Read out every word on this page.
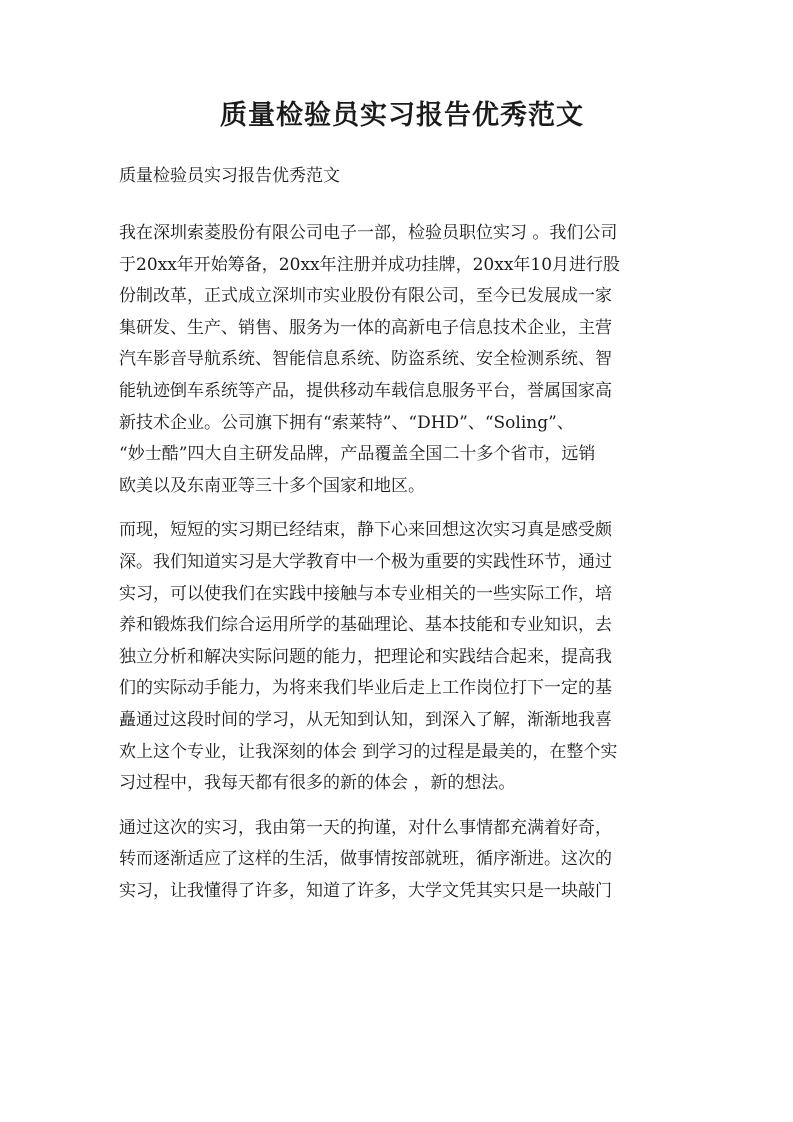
质量检验员实习报告优秀范文

质量检验员实习报告优秀范文

我在深圳索菱股份有限公司电子一部，检验员职位实习 。我们公司
于20xx年开始筹备，20xx年注册并成功挂牌，20xx年10月进行股
份制改革，正式成立深圳市实业股份有限公司，至今已发展成一家
集研发、生产、销售、服务为一体的高新电子信息技术企业，主营
汽车影音导航系统、智能信息系统、防盗系统、安全检测系统、智
能轨迹倒车系统等产品，提供移动车载信息服务平台，誉属国家高
新技术企业。公司旗下拥有“索莱特”、“DHD”、“Soling”、
“妙士酷”四大自主研发品牌，产品覆盖全国二十多个省市，远销
欧美以及东南亚等三十多个国家和地区。

而现，短短的实习期已经结束，静下心来回想这次实习真是感受颇
深。我们知道实习是大学教育中一个极为重要的实践性环节，通过
实习，可以使我们在实践中接触与本专业相关的一些实际工作，培
养和锻炼我们综合运用所学的基础理论、基本技能和专业知识，去
独立分析和解决实际问题的能力，把理论和实践结合起来，提高我
们的实际动手能力，为将来我们毕业后走上工作岗位打下一定的基
矗通过这段时间的学习，从无知到认知，到深入了解，渐渐地我喜
欢上这个专业，让我深刻的体会 到学习的过程是最美的，在整个实
习过程中，我每天都有很多的新的体会 ，新的想法。

通过这次的实习，我由第一天的拘谨，对什么事情都充满着好奇，
转而逐渐适应了这样的生活，做事情按部就班，循序渐进。这次的
实习，让我懂得了许多，知道了许多，大学文凭其实只是一块敲门
